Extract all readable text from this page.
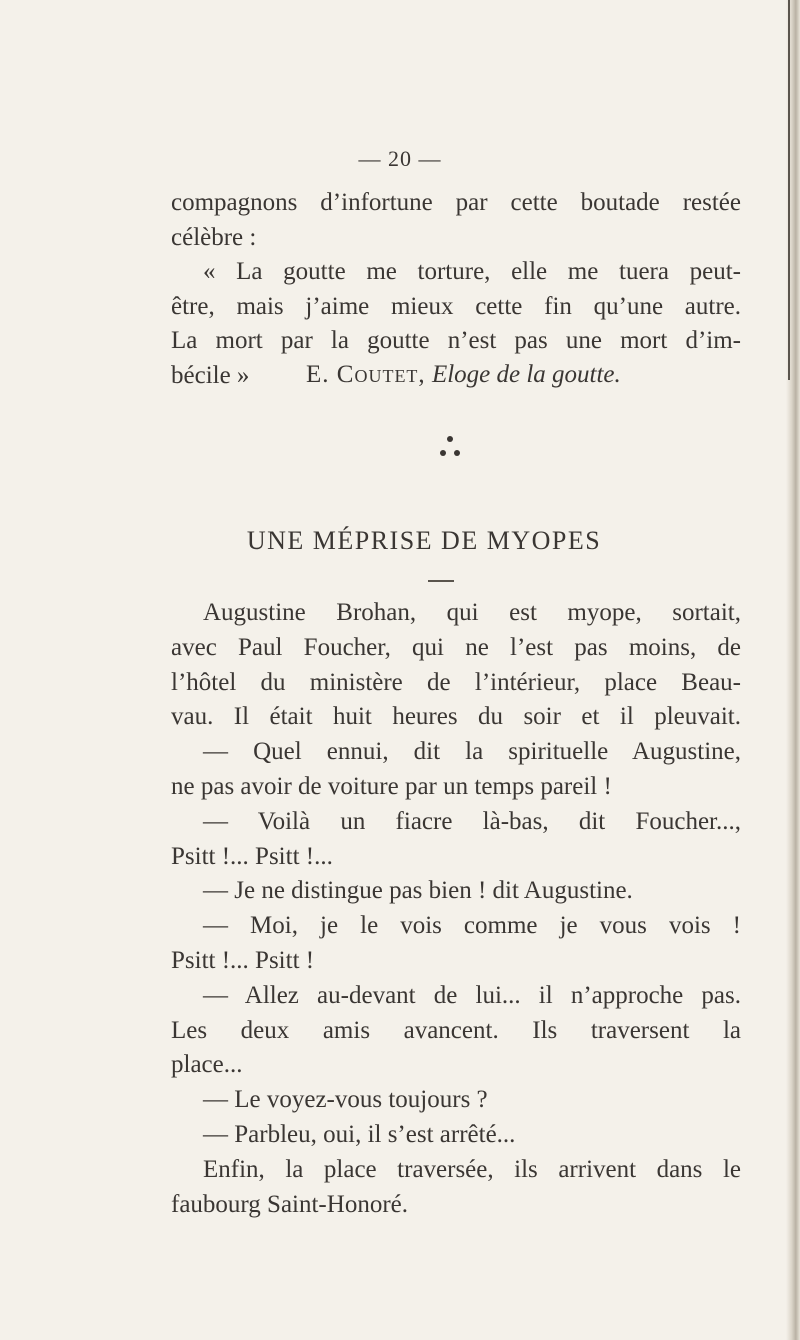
— 20 —
compagnons d’infortune par cette boutade restée
célèbre :
« La goutte me torture, elle me tuera peut-
être, mais j’aime mieux cette fin qu’une autre.
La mort par la goutte n’est pas une mort d’im-
bécile »	E. Coutet, Eloge de la goutte.
UNE MÉPRISE DE MYOPES
Augustine Brohan, qui est myope, sortait,
avec Paul Foucher, qui ne l’est pas moins, de
l’hôtel du ministère de l’intérieur, place Beau-
vau. Il était huit heures du soir et il pleuvait.
— Quel ennui, dit la spirituelle Augustine,
ne pas avoir de voiture par un temps pareil !
— Voilà un fiacre là-bas, dit Foucher...,
Psitt !... Psitt !...
— Je ne distingue pas bien ! dit Augustine.
— Moi, je le vois comme je vous vois !
Psitt !... Psitt !
— Allez au-devant de lui... il n’approche pas.
Les deux amis avancent. Ils traversent la
place...
— Le voyez-vous toujours ?
— Parbleu, oui, il s’est arrêté...
Enfin, la place traversée, ils arrivent dans le
faubourg Saint-Honoré.
